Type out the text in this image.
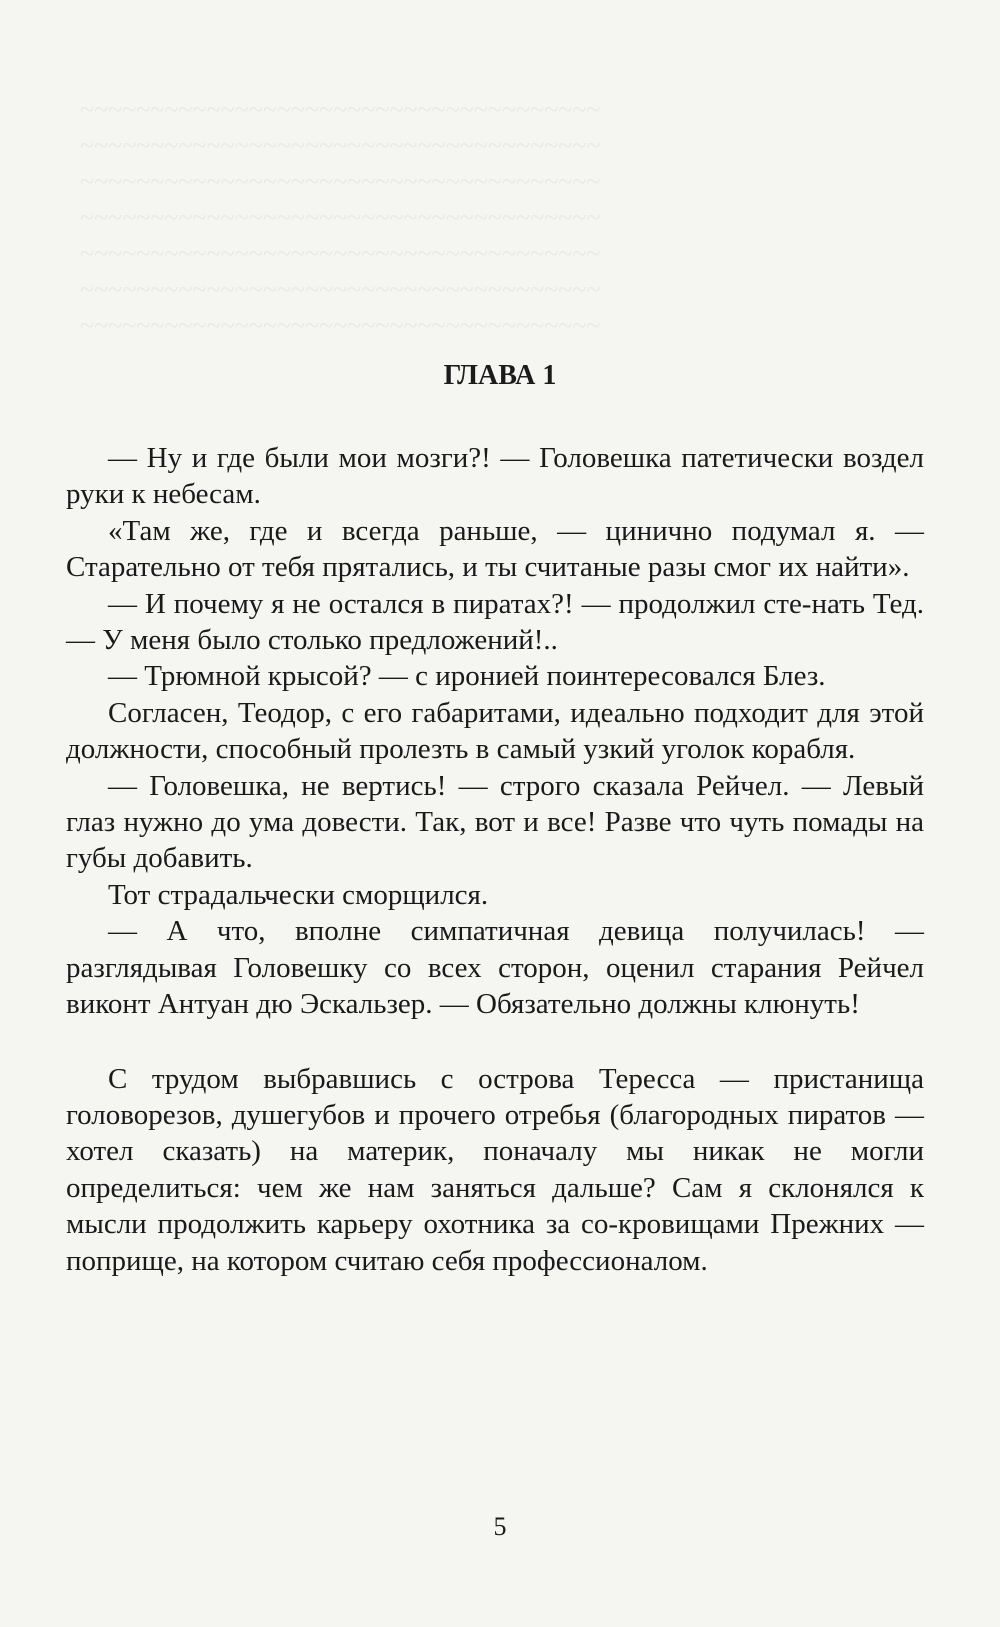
~~~~~~~~~~~~~~~~~~~~~~~~~~~~~~~~~~~~~
~~~~~~~~~~~~~~~~~~~~~~~~~~~~~~~~~~~~~
~~~~~~~~~~~~~~~~~~~~~~~~~~~~~~~~~~~~~
~~~~~~~~~~~~~~~~~~~~~~~~~~~~~~~~~~~~~
~~~~~~~~~~~~~~~~~~~~~~~~~~~~~~~~~~~~~
~~~~~~~~~~~~~~~~~~~~~~~~~~~~~~~~~~~~~
~~~~~~~~~~~~~~~~~~~~~~~~~~~~~~~~~~~~~
ГЛАВА 1

— Ну и где были мои мозги?! — Головешка патетически воздел руки к небесам.

«Там же, где и всегда раньше, — цинично подумал я. — Старательно от тебя прятались, и ты считаные разы смог их найти».

— И почему я не остался в пиратах?! — продолжил сте-нать Тед. — У меня было столько предложений!..

— Трюмной крысой? — с иронией поинтересовался Блез.

Согласен, Теодор, с его габаритами, идеально подходит для этой должности, способный пролезть в самый узкий уголок корабля.

— Головешка, не вертись! — строго сказала Рейчел. — Левый глаз нужно до ума довести. Так, вот и все! Разве что чуть помады на губы добавить.

Тот страдальчески сморщился.

— А что, вполне симпатичная девица получилась! — разглядывая Головешку со всех сторон, оценил старания Рейчел виконт Антуан дю Эскальзер. — Обязательно должны клюнуть!

С трудом выбравшись с острова Тересса — пристанища головорезов, душегубов и прочего отребья (благородных пиратов — хотел сказать) на материк, поначалу мы никак не могли определиться: чем же нам заняться дальше? Сам я склонялся к мысли продолжить карьеру охотника за со-кровищами Прежних — поприще, на котором считаю себя профессионалом.

5
